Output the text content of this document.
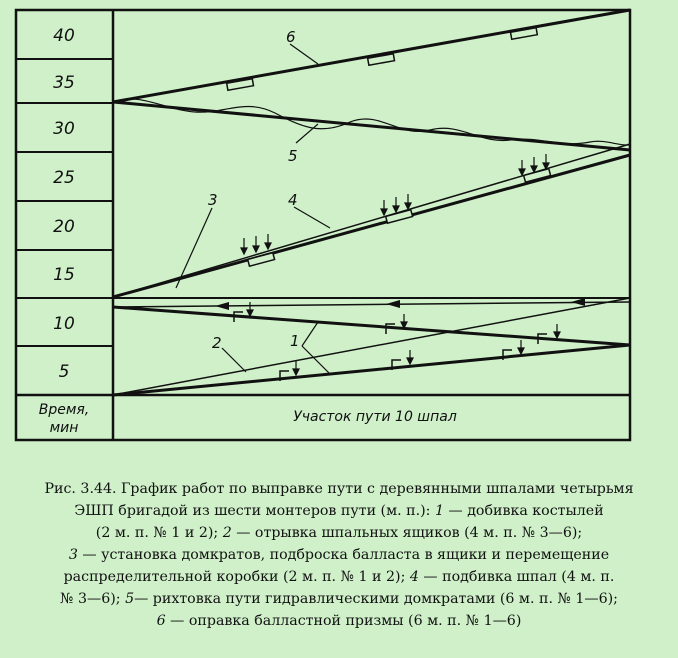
40
35
30
25
20
15
10
5
Время,
мин
Участок пути 10 шпал
6
5
3	4
1
2
Рис. 3.44. График работ по выправке пути с деревянными шпалами четырьмя
ЭШП бригадой из шести монтеров пути (м. п.): 1 — добивка костылей
(2 м. п. № 1 и 2); 2 — отрывка шпальных ящиков (4 м. п. № 3—6);
3 — установка домкратов, подброска балласта в ящики и перемещение
распределительной коробки (2 м. п. № 1 и 2); 4 — подбивка шпал (4 м. п.
№ 3—6); 5— рихтовка пути гидравлическими домкратами (6 м. п. № 1—6);
6 — оправка балластной призмы (6 м. п. № 1—6)
